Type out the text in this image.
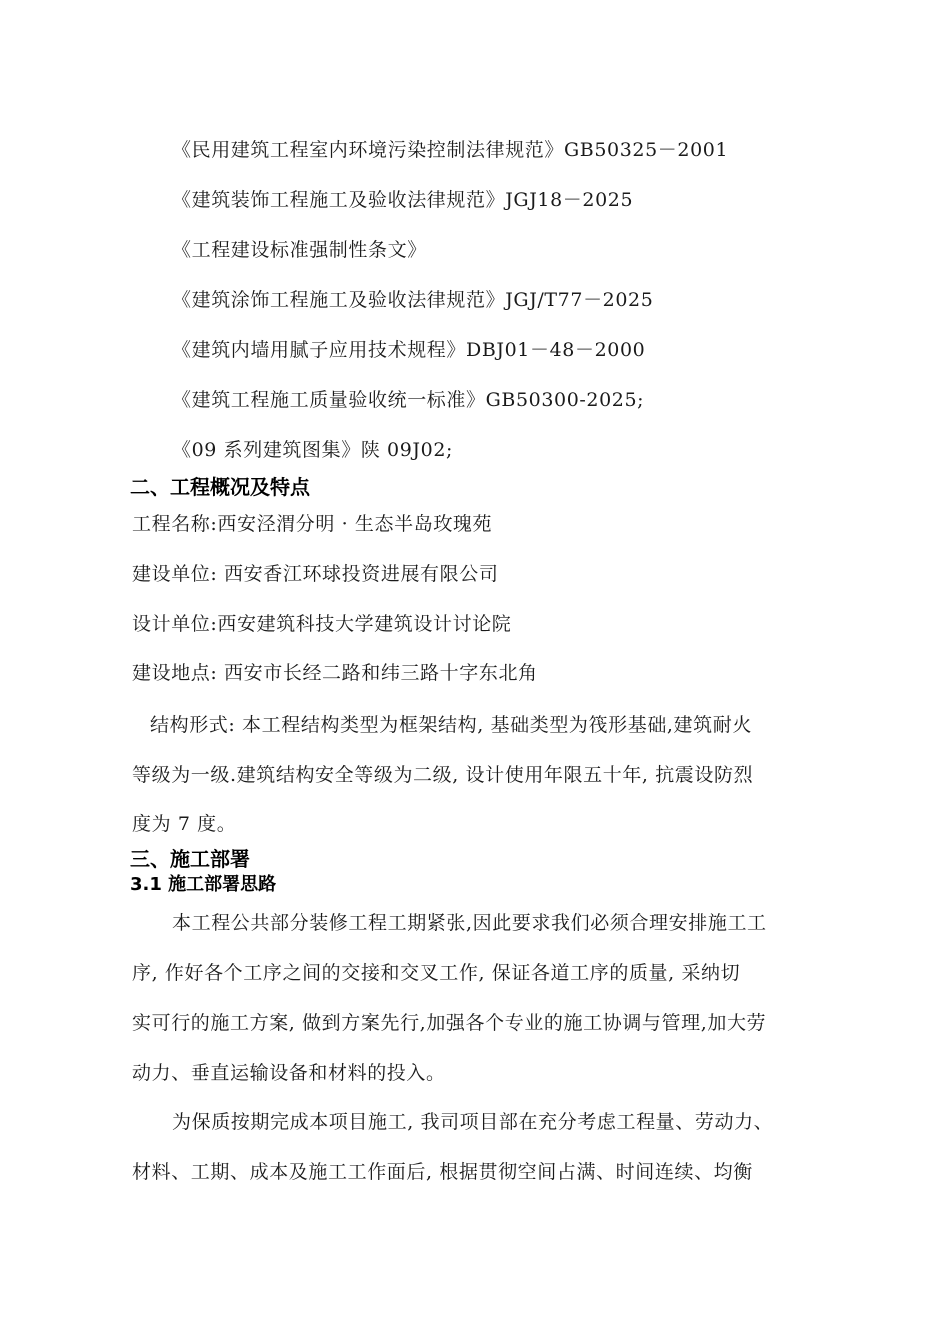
《民用建筑工程室内环境污染控制法律规范》GB50325－2001
《建筑装饰工程施工及验收法律规范》JGJ18－2025
《工程建设标准强制性条文》
《建筑涂饰工程施工及验收法律规范》JGJ/T77－2025
《建筑内墙用腻子应用技术规程》DBJ01－48－2000
《建筑工程施工质量验收统一标准》GB50300-2025;
《09 系列建筑图集》陕 09J02;
二、工程概况及特点
工程名称:西安泾渭分明 · 生态半岛玫瑰苑
建设单位: 西安香江环球投资进展有限公司
设计单位:西安建筑科技大学建筑设计讨论院
建设地点: 西安市长经二路和纬三路十字东北角
结构形式: 本工程结构类型为框架结构, 基础类型为筏形基础,建筑耐火
等级为一级.建筑结构安全等级为二级, 设计使用年限五十年, 抗震设防烈
度为 7 度。
三、施工部署
3.1 施工部署思路
本工程公共部分装修工程工期紧张,因此要求我们必须合理安排施工工
序, 作好各个工序之间的交接和交叉工作, 保证各道工序的质量, 采纳切
实可行的施工方案, 做到方案先行,加强各个专业的施工协调与管理,加大劳
动力、垂直运输设备和材料的投入。
为保质按期完成本项目施工, 我司项目部在充分考虑工程量、劳动力、
材料、工期、成本及施工工作面后, 根据贯彻空间占满、时间连续、均衡
